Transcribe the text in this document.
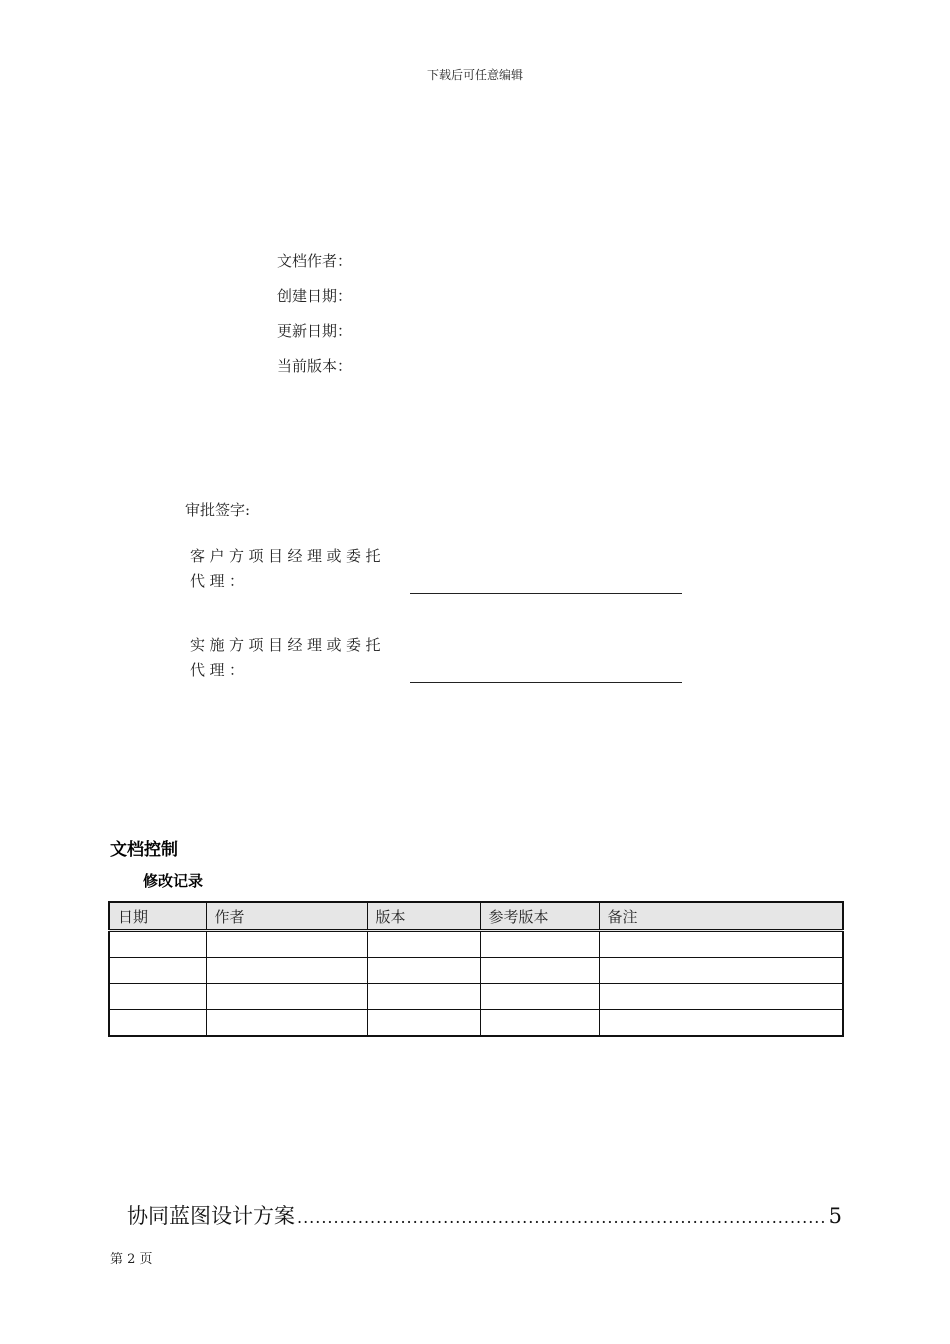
下载后可任意编辑
文档作者：
创建日期：
更新日期：
当前版本：
审批签字:
客户方项目经理或委托代理：
实施方项目经理或委托代理：
文档控制
修改记录
日期	作者	版本	参考版本	备注

协同蓝图设计方案 .....	5
第 2 页
